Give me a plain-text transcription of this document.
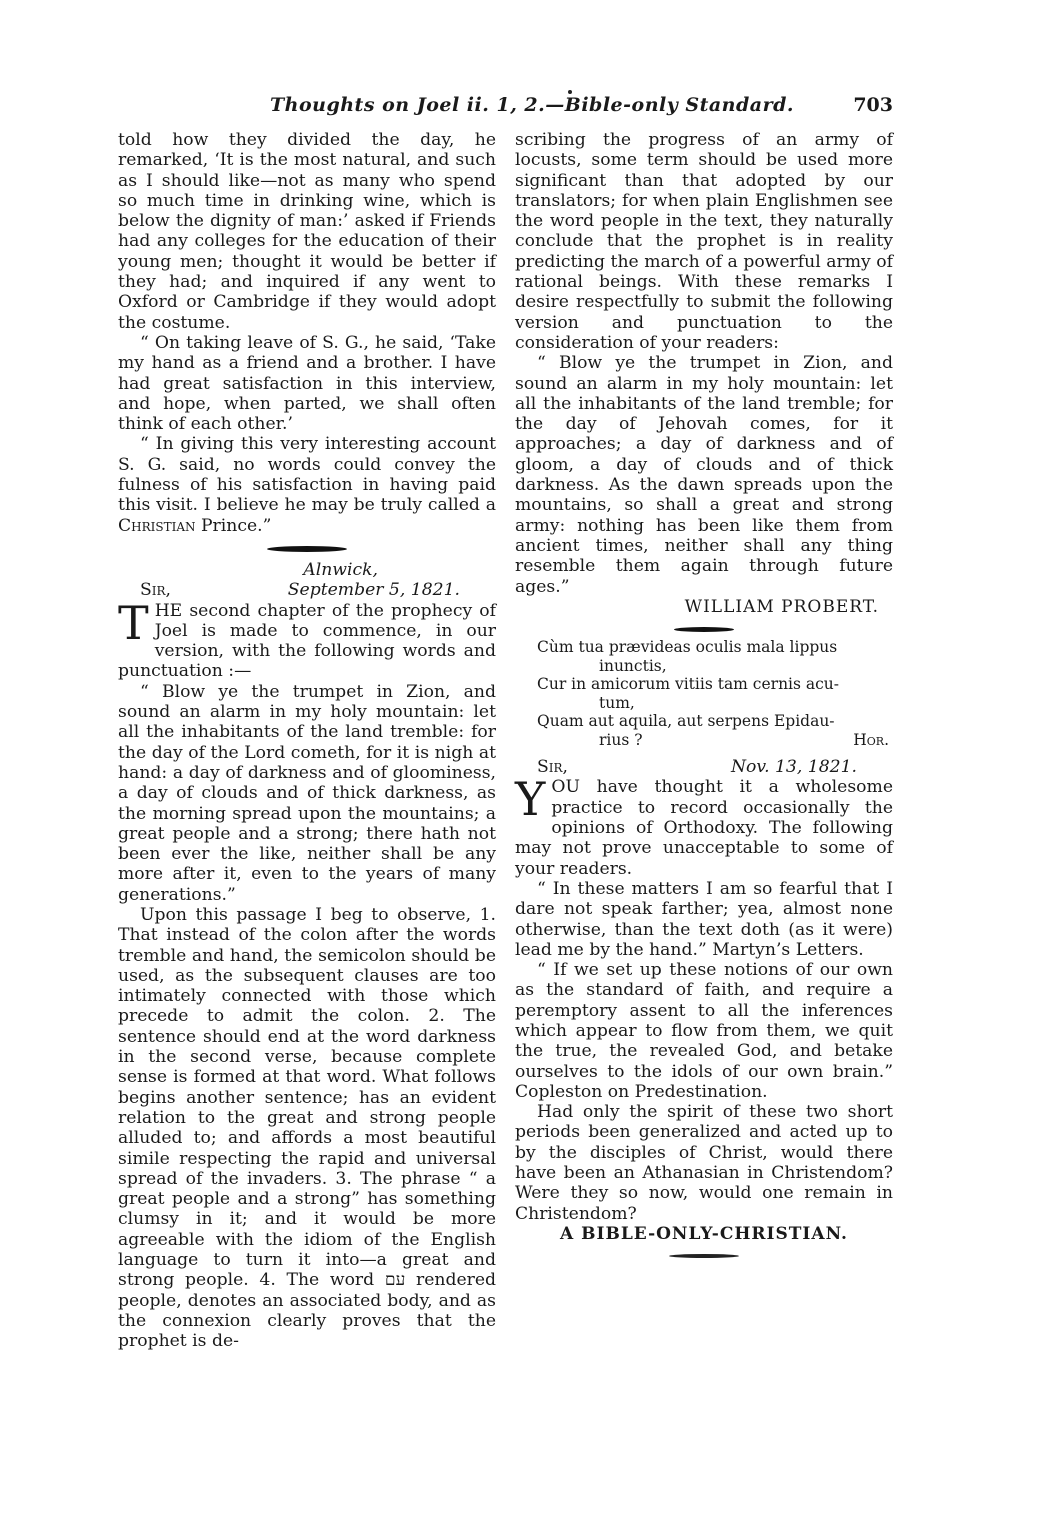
Thoughts on Joel ii. 1, 2.—Bible-only Standard.	703

told how they divided the day, he remarked, ‘It is the most natural, and such as I should like—not as many who spend so much time in drinking wine, which is below the dignity of man:’ asked if Friends had any colleges for the education of their young men; thought it would be better if they had; and inquired if any went to Oxford or Cambridge if they would adopt the costume.

“ On taking leave of S. G., he said, ‘Take my hand as a friend and a brother. I have had great satisfaction in this interview, and hope, when parted, we shall often think of each other.’

“ In giving this very interesting account S. G. said, no words could convey the fulness of his satisfaction in having paid this visit. I believe he may be truly called a Christian Prince.”

Alnwick,

Sir,	September 5, 1821.

THE second chapter of the prophecy of Joel is made to commence, in our version, with the following words and punctuation :—

“ Blow ye the trumpet in Zion, and sound an alarm in my holy mountain: let all the inhabitants of the land tremble: for the day of the Lord cometh, for it is nigh at hand: a day of darkness and of gloominess, a day of clouds and of thick darkness, as the morning spread upon the mountains; a great people and a strong; there hath not been ever the like, neither shall be any more after it, even to the years of many generations.”

Upon this passage I beg to observe, 1. That instead of the colon after the words tremble and hand, the semicolon should be used, as the subsequent clauses are too intimately connected with those which precede to admit the colon. 2. The sentence should end at the word darkness in the second verse, because complete sense is formed at that word. What follows begins another sentence; has an evident relation to the great and strong people alluded to; and affords a most beautiful simile respecting the rapid and universal spread of the invaders. 3. The phrase “ a great people and a strong” has something clumsy in it; and it would be more agreeable with the idiom of the English language to turn it into—a great and strong people. 4. The word עם rendered people, denotes an associated body, and as the connexion clearly proves that the prophet is de-

scribing the progress of an army of locusts, some term should be used more significant than that adopted by our translators; for when plain Englishmen see the word people in the text, they naturally conclude that the prophet is in reality predicting the march of a powerful army of rational beings. With these remarks I desire respectfully to submit the following version and punctuation to the consideration of your readers:

“ Blow ye the trumpet in Zion, and sound an alarm in my holy mountain: let all the inhabitants of the land tremble; for the day of Jehovah comes, for it approaches; a day of darkness and of gloom, a day of clouds and of thick darkness. As the dawn spreads upon the mountains, so shall a great and strong army: nothing has been like them from ancient times, neither shall any thing resemble them again through future ages.”

WILLIAM PROBERT.

Cùm tua prævideas oculis mala lippus
inunctis,
Cur in amicorum vitiis tam cernis acu-
tum,
Quam aut aquila, aut serpens Epidau-
rius ?	Hor.
Sir,	Nov. 13, 1821.

YOU have thought it a wholesome practice to record occasionally the opinions of Orthodoxy. The following may not prove unacceptable to some of your readers.

“ In these matters I am so fearful that I dare not speak farther; yea, almost none otherwise, than the text doth (as it were) lead me by the hand.” Martyn’s Letters.

“ If we set up these notions of our own as the standard of faith, and require a peremptory assent to all the inferences which appear to flow from them, we quit the true, the revealed God, and betake ourselves to the idols of our own brain.” Copleston on Predestination.

Had only the spirit of these two short periods been generalized and acted up to by the disciples of Christ, would there have been an Athanasian in Christendom? Were they so now, would one remain in Christendom?

A BIBLE-ONLY-CHRISTIAN.
